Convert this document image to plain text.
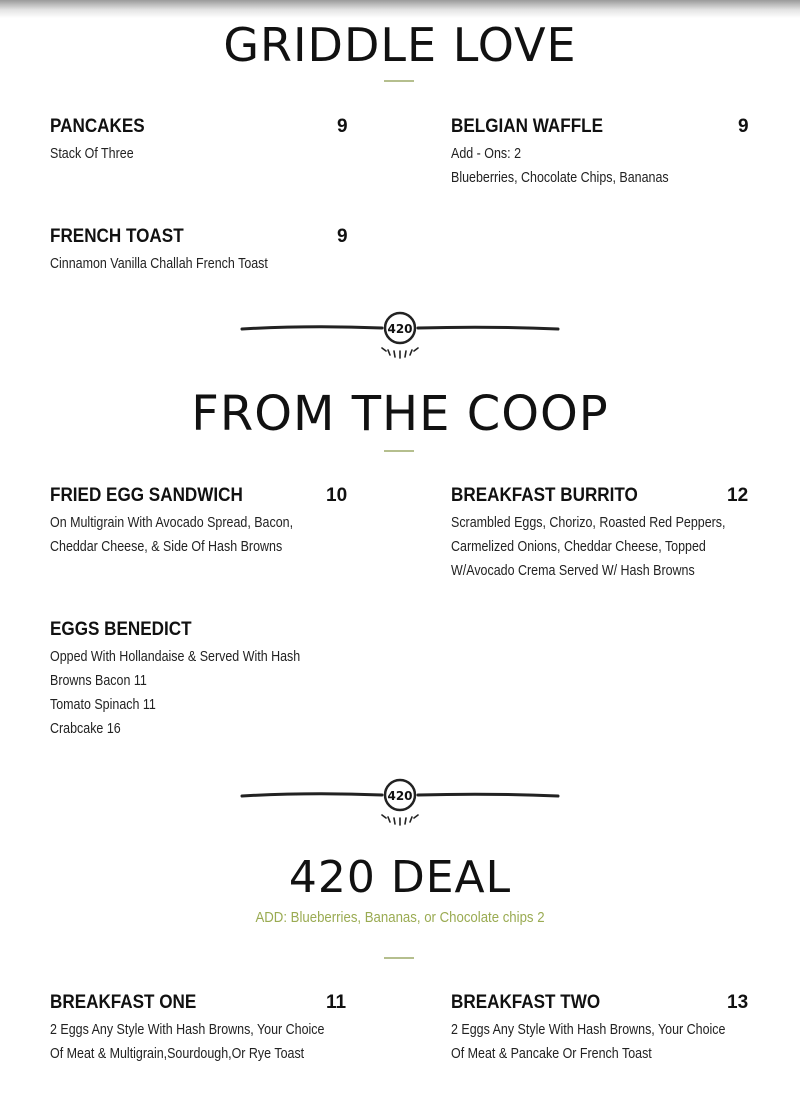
GRIDDLE LOVE
PANCAKES	9
Stack Of Three
BELGIAN WAFFLE	9
Add - Ons: 2
Blueberries, Chocolate Chips, Bananas
FRENCH TOAST	9
Cinnamon Vanilla Challah French Toast
420
FROM THE COOP
FRIED EGG SANDWICH	10
On Multigrain With Avocado Spread, Bacon,
Cheddar Cheese, & Side Of Hash Browns
BREAKFAST BURRITO	12
Scrambled Eggs, Chorizo, Roasted Red Peppers,
Carmelized Onions, Cheddar Cheese, Topped
W/Avocado Crema Served W/ Hash Browns
EGGS BENEDICT
Opped With Hollandaise & Served With Hash
Browns Bacon 11
Tomato Spinach 11
Crabcake 16
420
420 DEAL

ADD: Blueberries, Bananas, or Chocolate chips 2

BREAKFAST ONE	11
2 Eggs Any Style With Hash Browns, Your Choice
Of Meat & Multigrain,Sourdough,Or Rye Toast
BREAKFAST TWO	13
2 Eggs Any Style With Hash Browns, Your Choice
Of Meat & Pancake Or French Toast
